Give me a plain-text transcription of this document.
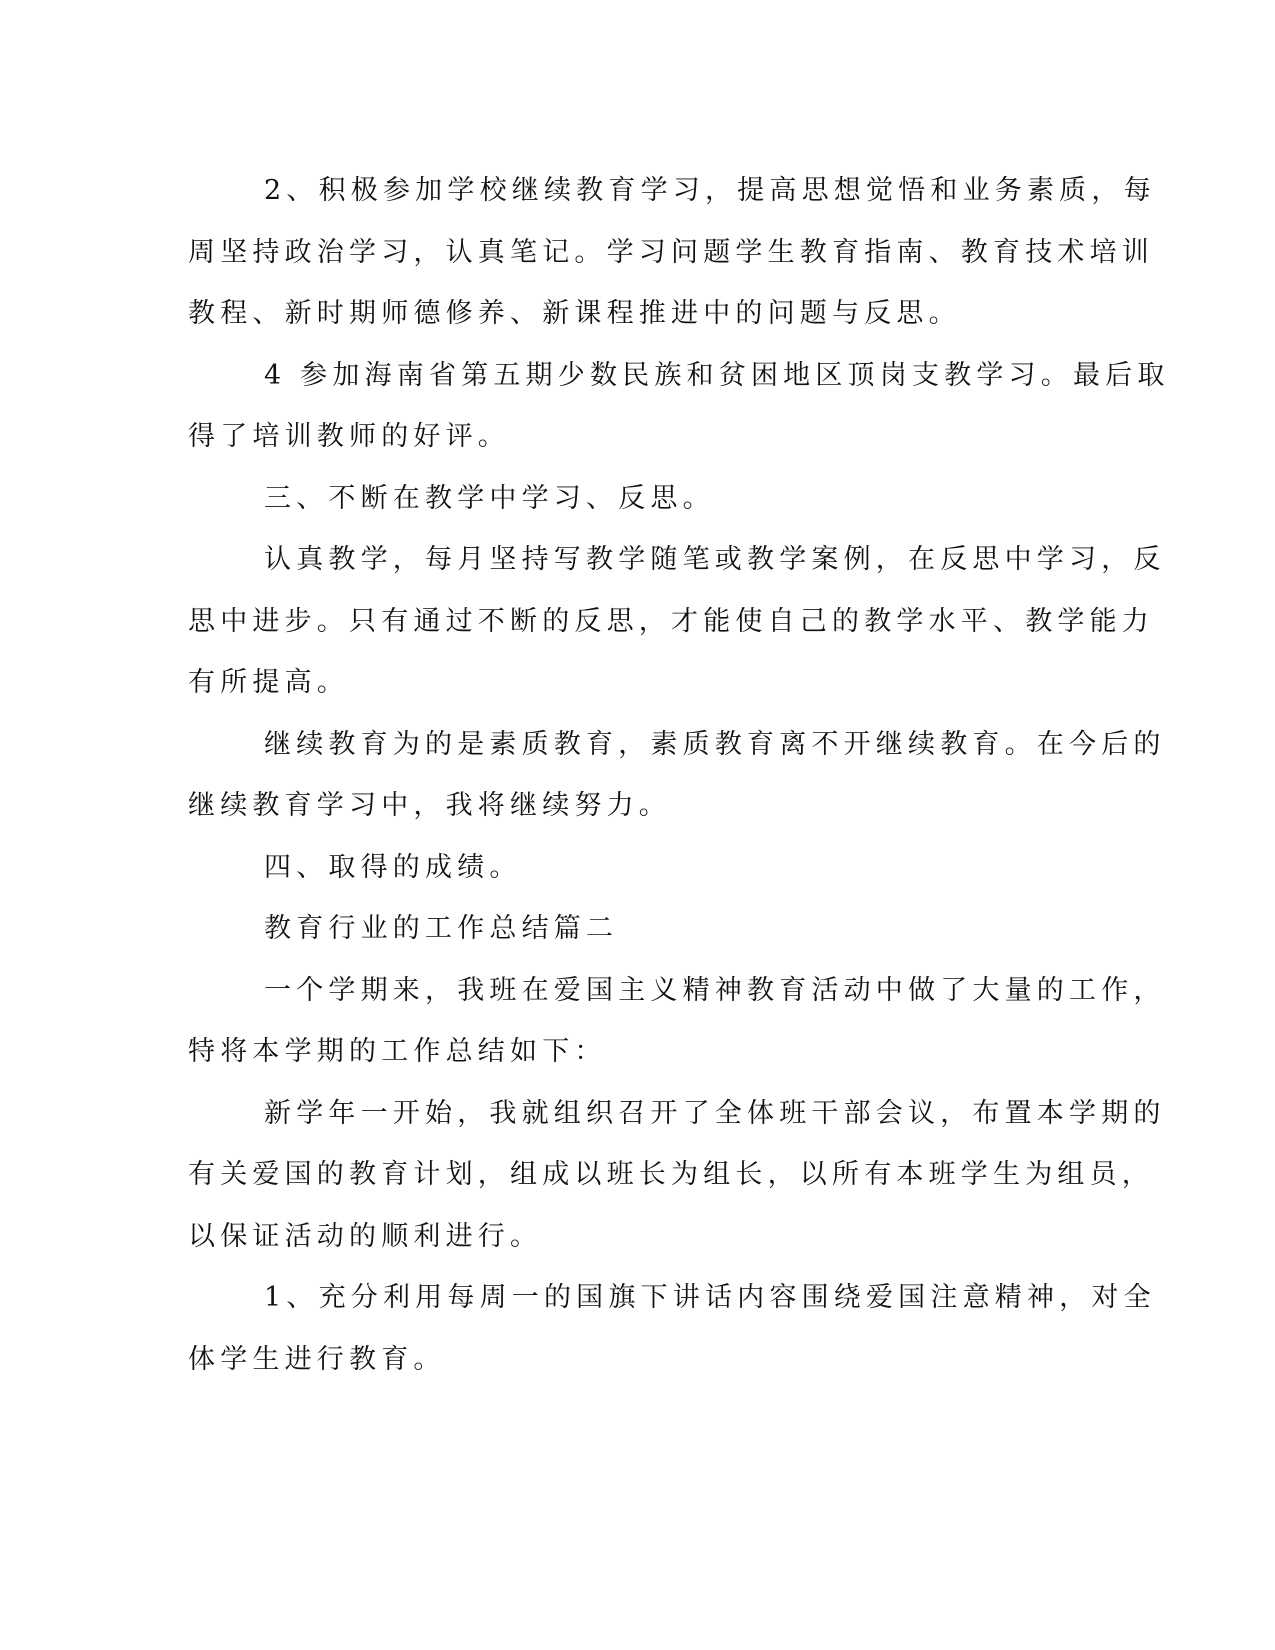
2、积极参加学校继续教育学习，提高思想觉悟和业务素质，每
周坚持政治学习，认真笔记。学习问题学生教育指南、教育技术培训
教程、新时期师德修养、新课程推进中的问题与反思。
4 参加海南省第五期少数民族和贫困地区顶岗支教学习。最后取
得了培训教师的好评。
三、不断在教学中学习、反思。
认真教学，每月坚持写教学随笔或教学案例，在反思中学习，反
思中进步。只有通过不断的反思，才能使自己的教学水平、教学能力
有所提高。
继续教育为的是素质教育，素质教育离不开继续教育。在今后的
继续教育学习中，我将继续努力。
四、取得的成绩。
教育行业的工作总结篇二
一个学期来，我班在爱国主义精神教育活动中做了大量的工作，
特将本学期的工作总结如下：
新学年一开始，我就组织召开了全体班干部会议，布置本学期的
有关爱国的教育计划，组成以班长为组长，以所有本班学生为组员，
以保证活动的顺利进行。
1、充分利用每周一的国旗下讲话内容围绕爱国注意精神，对全
体学生进行教育。
